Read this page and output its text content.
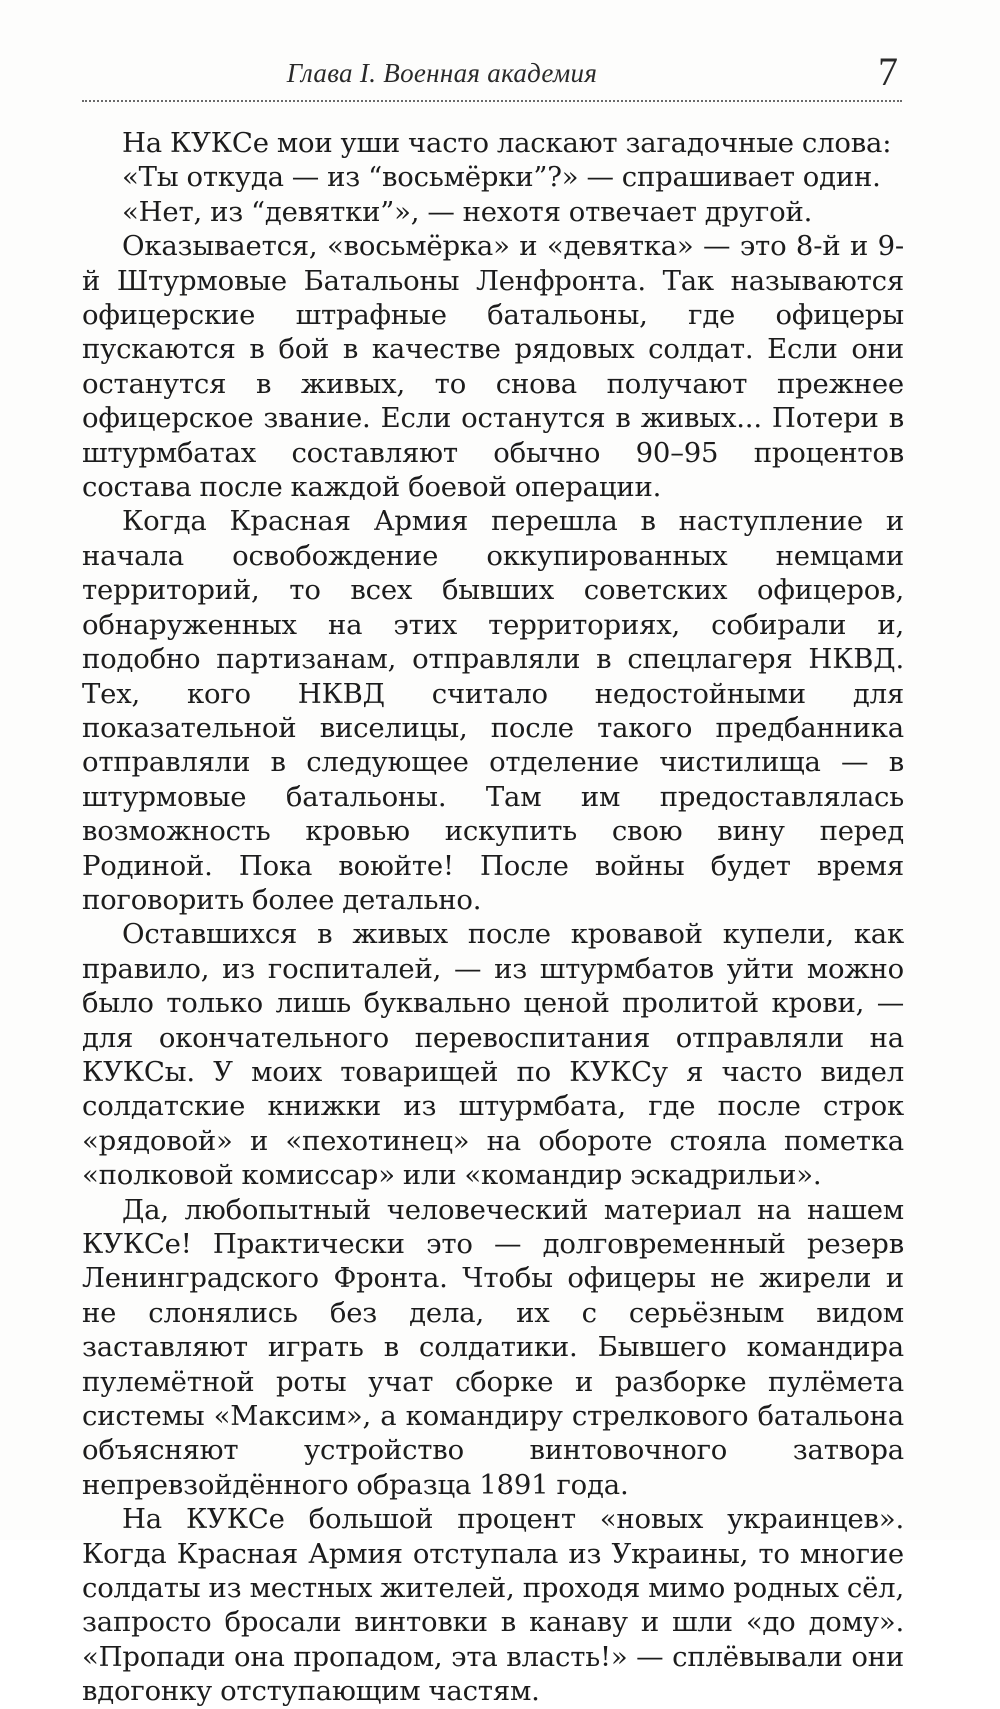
Глава I. Военная академия	7

На КУКСе мои уши часто ласкают загадочные слова:

«Ты откуда — из “восьмёрки”?» — спрашивает один.

«Нет, из “девятки”», — нехотя отвечает другой.

Оказывается, «восьмёрка» и «девятка» — это 8-й и 9-й Штурмовые Батальоны Ленфронта. Так называются офицерские штрафные батальоны, где офицеры пускаются в бой в качестве рядовых солдат. Если они останутся в живых, то снова получают прежнее офицерское звание. Если останутся в живых... Потери в штурмбатах составляют обычно 90–95 процентов состава после каждой боевой операции.

Когда Красная Армия перешла в наступление и начала освобождение оккупированных немцами территорий, то всех бывших советских офицеров, обнаруженных на этих территориях, собирали и, подобно партизанам, отправляли в спецлагеря НКВД. Тех, кого НКВД считало недостойными для показательной виселицы, после такого предбанника отправляли в следующее отделение чистилища — в штурмовые батальоны. Там им предоставлялась возможность кровью искупить свою вину перед Родиной. Пока воюйте! После войны будет время поговорить более детально.

Оставшихся в живых после кровавой купели, как правило, из госпиталей, — из штурмбатов уйти можно было только лишь буквально ценой пролитой крови, — для окончательного перевоспитания отправляли на КУКСы. У моих товарищей по КУКСу я часто видел солдатские книжки из штурмбата, где после строк «рядовой» и «пехотинец» на обороте стояла пометка «полковой комиссар» или «командир эскадрильи».

Да, любопытный человеческий материал на нашем КУКСе! Практически это — долговременный резерв Ленинградского Фронта. Чтобы офицеры не жирели и не слонялись без дела, их с серьёзным видом заставляют играть в солдатики. Бывшего командира пулемётной роты учат сборке и разборке пулёмета системы «Максим», а командиру стрелкового батальона объясняют устройство винтовочного затвора непревзойдённого образца 1891 года.

На КУКСе большой процент «новых украинцев». Когда Красная Армия отступала из Украины, то многие солдаты из местных жителей, проходя мимо родных сёл, запросто бросали винтовки в канаву и шли «до дому». «Пропади она пропадом, эта власть!» — сплёвывали они вдогонку отступающим частям.
